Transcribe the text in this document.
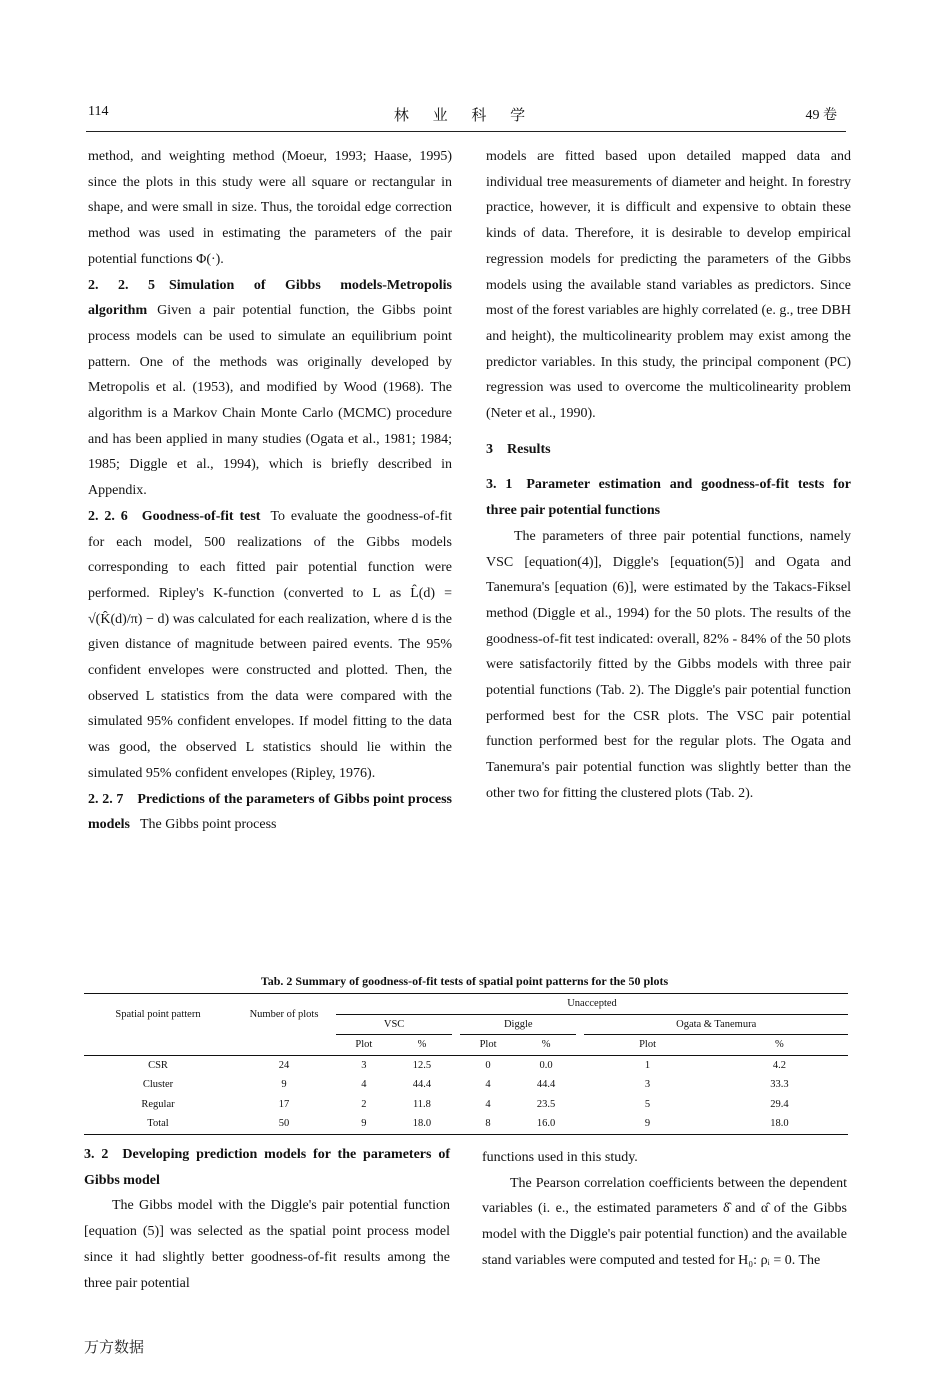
114	林 业 科 学	49 卷

method, and weighting method (Moeur, 1993; Haase, 1995) since the plots in this study were all square or rectangular in shape, and were small in size. Thus, the toroidal edge correction method was used in estimating the parameters of the pair potential functions Φ(·).

2. 2. 5 Simulation of Gibbs models-Metropolis algorithm Given a pair potential function, the Gibbs point process models can be used to simulate an equilibrium point pattern. One of the methods was originally developed by Metropolis et al. (1953), and modified by Wood (1968). The algorithm is a Markov Chain Monte Carlo (MCMC) procedure and has been applied in many studies (Ogata et al., 1981; 1984; 1985; Diggle et al., 1994), which is briefly described in Appendix.

2. 2. 6 Goodness-of-fit test To evaluate the goodness-of-fit for each model, 500 realizations of the Gibbs models corresponding to each fitted pair potential function were performed. Ripley's K-function (converted to L as L̂(d) = √(K̂(d)/π) − d) was calculated for each realization, where d is the given distance of magnitude between paired events. The 95% confident envelopes were constructed and plotted. Then, the observed L statistics from the data were compared with the simulated 95% confident envelopes. If model fitting to the data was good, the observed L statistics should lie within the simulated 95% confident envelopes (Ripley, 1976).

2. 2. 7 Predictions of the parameters of Gibbs point process models The Gibbs point process

models are fitted based upon detailed mapped data and individual tree measurements of diameter and height. In forestry practice, however, it is difficult and expensive to obtain these kinds of data. Therefore, it is desirable to develop empirical regression models for predicting the parameters of the Gibbs models using the available stand variables as predictors. Since most of the forest variables are highly correlated (e. g., tree DBH and height), the multicolinearity problem may exist among the predictor variables. In this study, the principal component (PC) regression was used to overcome the multicolinearity problem (Neter et al., 1990).

3 Results

3. 1 Parameter estimation and goodness-of-fit tests for three pair potential functions

The parameters of three pair potential functions, namely VSC [equation(4)], Diggle's [equation(5)] and Ogata and Tanemura's [equation (6)], were estimated by the Takacs-Fiksel method (Diggle et al., 1994) for the 50 plots. The results of the goodness-of-fit test indicated: overall, 82% - 84% of the 50 plots were satisfactorily fitted by the Gibbs models with three pair potential functions (Tab. 2). The Diggle's pair potential function performed best for the CSR plots. The VSC pair potential function performed best for the regular plots. The Ogata and Tanemura's pair potential function was slightly better than the other two for fitting the clustered plots (Tab. 2).

Tab. 2 Summary of goodness-of-fit tests of spatial point patterns for the 50 plots
Spatial point pattern	Number of plots	Unaccepted							
		VSC			Diggle			Ogata & Tanemura	
		Plot	%		Plot	%		Plot	%
CSR	24	3	12.5		0	0.0		1	4.2
Cluster	9	4	44.4		4	44.4		3	33.3
Regular	17	2	11.8		4	23.5		5	29.4
Total	50	9	18.0		8	16.0		9	18.0

3. 2 Developing prediction models for the parameters of Gibbs model

The Gibbs model with the Diggle's pair potential function [equation (5)] was selected as the spatial point process model since it had slightly better goodness-of-fit results among the three pair potential

functions used in this study.

The Pearson correlation coefficients between the dependent variables (i. e., the estimated parameters δ̂ and α̂ of the Gibbs model with the Diggle's pair potential function) and the available stand variables were computed and tested for H₀: ρᵢ = 0. The

万方数据
